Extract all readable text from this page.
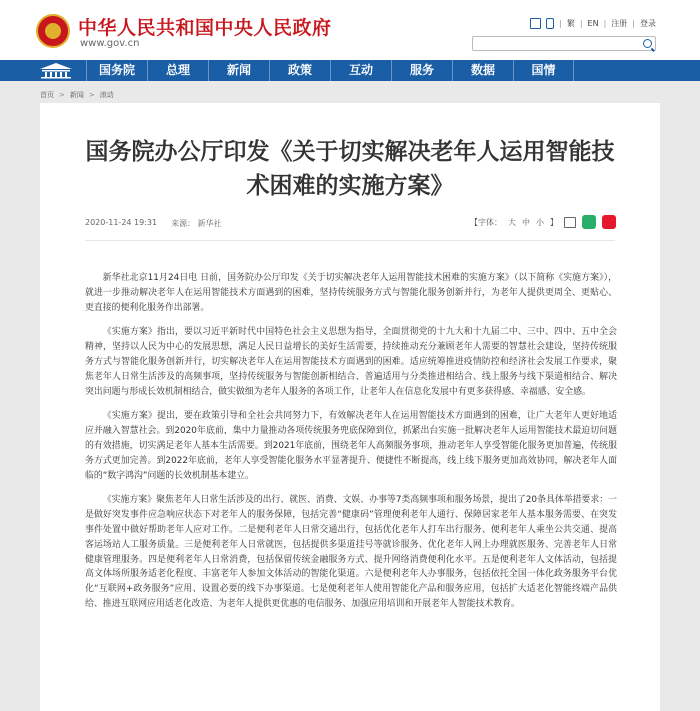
中华人民共和国中央人民政府
www.gov.cn
| 繁 | EN | 注册 | 登录
国务院	总理	新闻	政策	互动	服务	数据	国情
首页 > 新闻 > 滚动
国务院办公厅印发《关于切实解决老年人运用智能技术困难的实施方案》
2020-11-24 19:31 来源： 新华社	【字体： 大 中 小 】

新华社北京11月24日电 日前，国务院办公厅印发《关于切实解决老年人运用智能技术困难的实施方案》（以下简称《实施方案》），就进一步推动解决老年人在运用智能技术方面遇到的困难，坚持传统服务方式与智能化服务创新并行，为老年人提供更周全、更贴心、更直接的便利化服务作出部署。

《实施方案》指出，要以习近平新时代中国特色社会主义思想为指导，全面贯彻党的十九大和十九届二中、三中、四中、五中全会精神，坚持以人民为中心的发展思想，满足人民日益增长的美好生活需要，持续推动充分兼顾老年人需要的智慧社会建设，坚持传统服务方式与智能化服务创新并行，切实解决老年人在运用智能技术方面遇到的困难。适应统筹推进疫情防控和经济社会发展工作要求，聚焦老年人日常生活涉及的高频事项，坚持传统服务与智能创新相结合、普遍适用与分类推进相结合、线上服务与线下渠道相结合、解决突出问题与形成长效机制相结合，做实做细为老年人服务的各项工作，让老年人在信息化发展中有更多获得感、幸福感、安全感。

《实施方案》提出，要在政策引导和全社会共同努力下，有效解决老年人在运用智能技术方面遇到的困难，让广大老年人更好地适应并融入智慧社会。到2020年底前，集中力量推动各项传统服务兜底保障到位，抓紧出台实施一批解决老年人运用智能技术最迫切问题的有效措施，切实满足老年人基本生活需要。到2021年底前，围绕老年人高频服务事项，推动老年人享受智能化服务更加普遍，传统服务方式更加完善。到2022年底前，老年人享受智能化服务水平显著提升、便捷性不断提高，线上线下服务更加高效协同，解决老年人面临的“数字鸿沟”问题的长效机制基本建立。

《实施方案》聚焦老年人日常生活涉及的出行、就医、消费、文娱、办事等7类高频事项和服务场景，提出了20条具体举措要求：一是做好突发事件应急响应状态下对老年人的服务保障，包括完善“健康码”管理便利老年人通行、保障居家老年人基本服务需要、在突发事件处置中做好帮助老年人应对工作。二是便利老年人日常交通出行，包括优化老年人打车出行服务、便利老年人乘坐公共交通、提高客运场站人工服务质量。三是便利老年人日常就医，包括提供多渠道挂号等就诊服务、优化老年人网上办理就医服务、完善老年人日常健康管理服务。四是便利老年人日常消费，包括保留传统金融服务方式、提升网络消费便利化水平。五是便利老年人文体活动，包括提高文体场所服务适老化程度、丰富老年人参加文体活动的智能化渠道。六是便利老年人办事服务，包括依托全国一体化政务服务平台优化“互联网+政务服务”应用、设置必要的线下办事渠道。七是便利老年人使用智能化产品和服务应用，包括扩大适老化智能终端产品供给、推进互联网应用适老化改造、为老年人提供更优惠的电信服务、加强应用培训和开展老年人智能技术教育。
